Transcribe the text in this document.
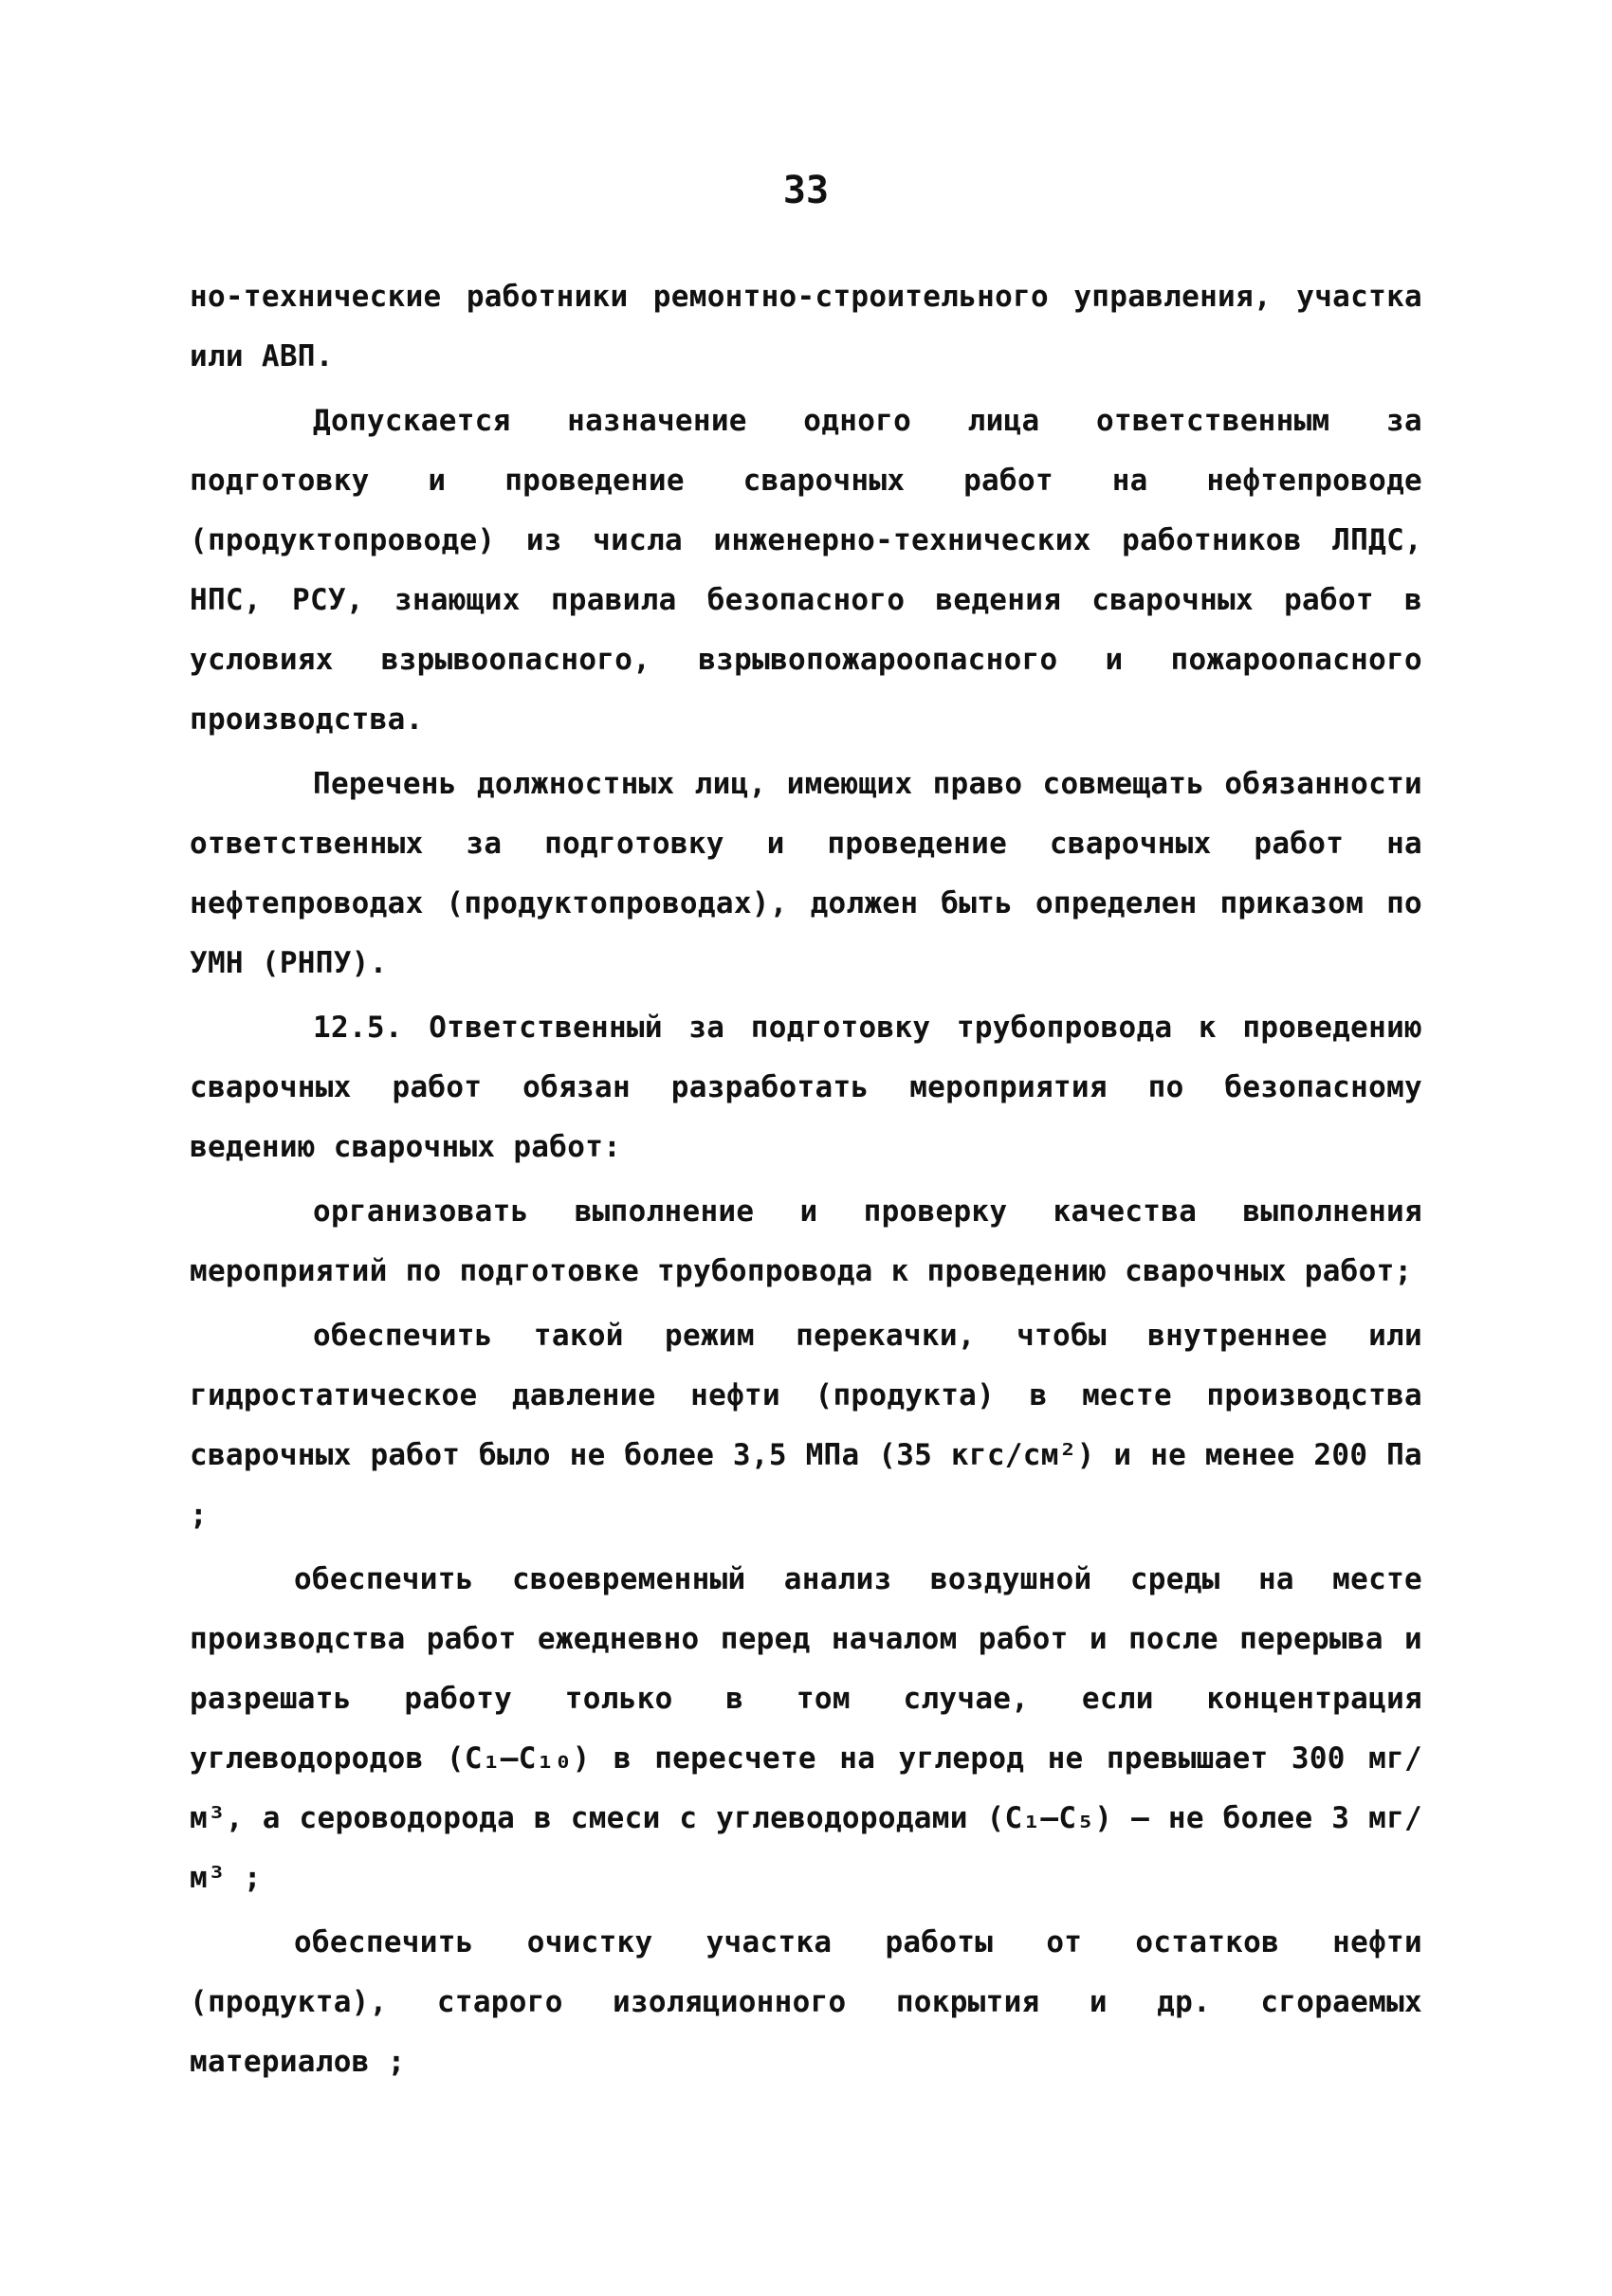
33

но-технические работники ремонтно-строительного управления, участка или АВП.

Допускается назначение одного лица ответственным за подготовку и проведение сварочных работ на нефтепроводе (продуктопроводе) из числа инженерно-технических работников ЛПДС, НПС, РСУ, знающих правила безопасного ведения сварочных работ в условиях взрывоопасного, взрывопожароопасного и пожароопасного производства.

Перечень должностных лиц, имеющих право совмещать обязанности ответственных за подготовку и проведение сварочных работ на нефтепроводах (продуктопроводах), должен быть определен приказом по УМН (РНПУ).

12.5. Ответственный за подготовку трубопровода к проведению сварочных работ обязан разработать мероприятия по безопасному ведению сварочных работ:

организовать выполнение и проверку качества выполнения мероприятий по подготовке трубопровода к проведению сварочных работ;

обеспечить такой режим перекачки, чтобы внутреннее или гидростатическое давление нефти (продукта) в месте производства сварочных работ было не более 3,5 МПа (35 кгс/см²) и не менее 200 Па ;

обеспечить своевременный анализ воздушной среды на месте производства работ ежедневно перед началом работ и после перерыва и разрешать работу только в том случае, если концентрация углеводородов (C₁–C₁₀) в пересчете на углерод не превышает 300 мг/м³, а сероводорода в смеси с углеводородами (C₁–C₅) – не более 3 мг/м³ ;

обеспечить очистку участка работы от остатков нефти (продукта), старого изоляционного покрытия и др. сгораемых материалов ;
